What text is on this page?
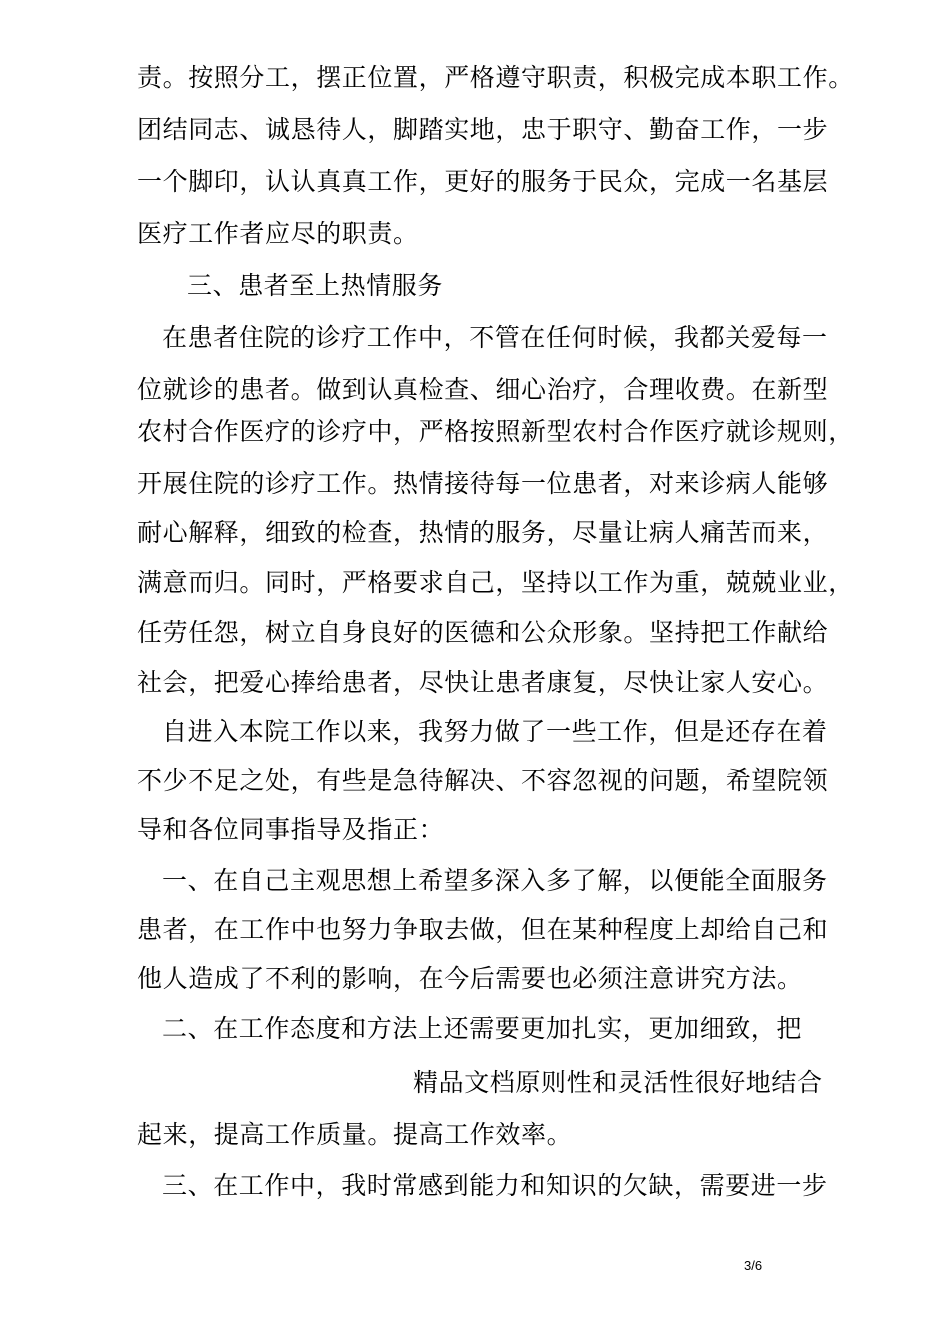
责。按照分工，摆正位置，严格遵守职责，积极完成本职工作。
团结同志、诚恳待人，脚踏实地，忠于职守、勤奋工作，一步
一个脚印，认认真真工作，更好的服务于民众，完成一名基层
医疗工作者应尽的职责。
三、患者至上热情服务
在患者住院的诊疗工作中，不管在任何时候，我都关爱每一
位就诊的患者。做到认真检查、细心治疗，合理收费。在新型
农村合作医疗的诊疗中，严格按照新型农村合作医疗就诊规则，
开展住院的诊疗工作。热情接待每一位患者，对来诊病人能够
耐心解释，细致的检查，热情的服务，尽量让病人痛苦而来，
满意而归。同时，严格要求自己，坚持以工作为重，兢兢业业，
任劳任怨，树立自身良好的医德和公众形象。坚持把工作献给
社会，把爱心捧给患者，尽快让患者康复，尽快让家人安心。
自进入本院工作以来，我努力做了一些工作，但是还存在着
不少不足之处，有些是急待解决、不容忽视的问题，希望院领
导和各位同事指导及指正：
一、在自己主观思想上希望多深入多了解，以便能全面服务
患者，在工作中也努力争取去做，但在某种程度上却给自己和
他人造成了不利的影响，在今后需要也必须注意讲究方法。
二、在工作态度和方法上还需要更加扎实，更加细致，把
精品文档原则性和灵活性很好地结合
起来，提高工作质量。提高工作效率。
三、在工作中，我时常感到能力和知识的欠缺，需要进一步
3/6
